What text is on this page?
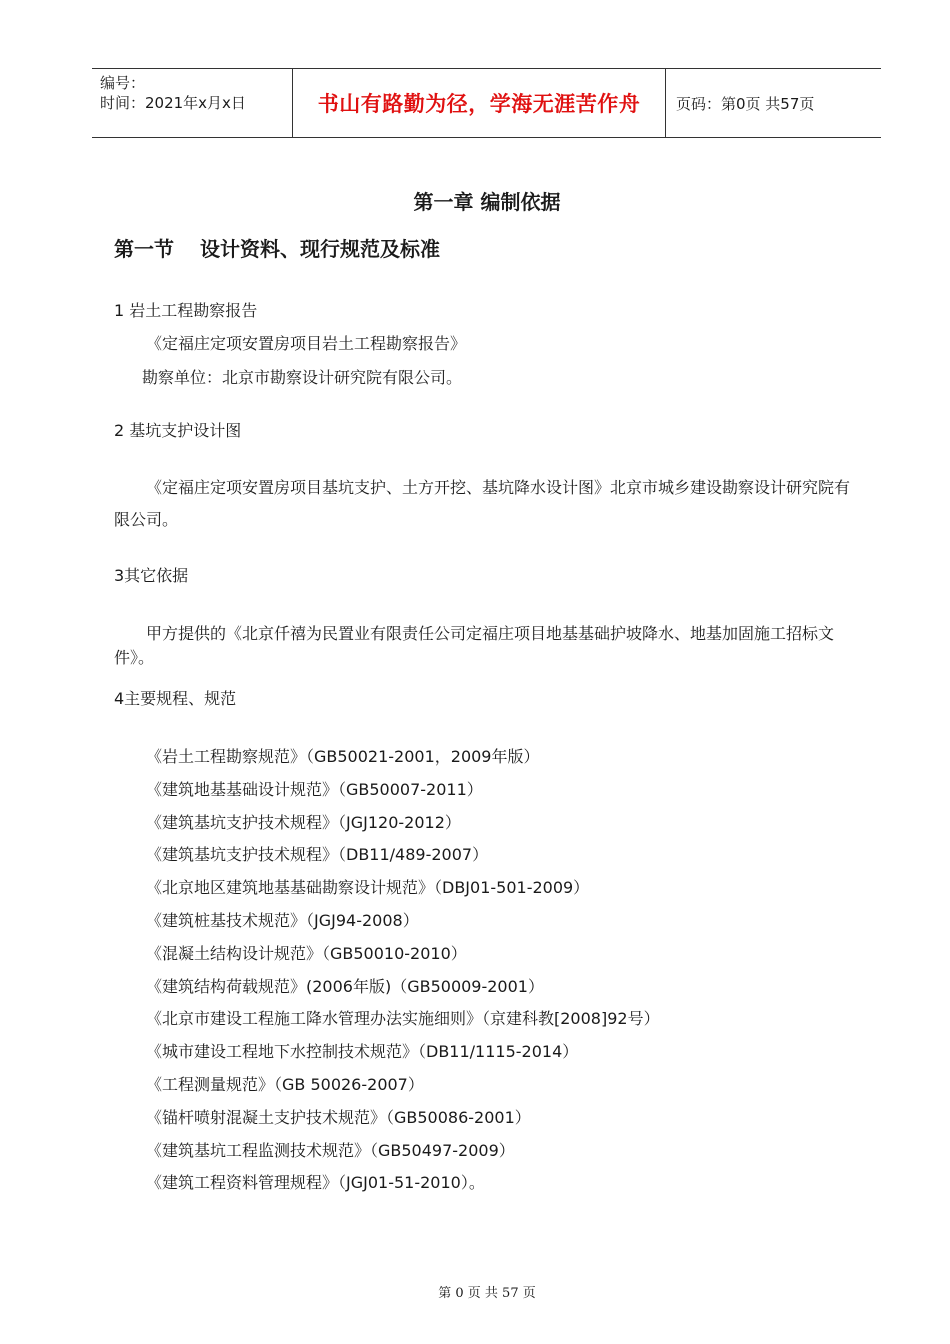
编号：
时间：2021年x月x日	书山有路勤为径，学海无涯苦作舟 页码：第0页 共57页
第一章 编制依据
第一节 设计资料、现行规范及标准
1 岩土工程勘察报告
《定福庄定项安置房项目岩土工程勘察报告》
勘察单位：北京市勘察设计研究院有限公司。
2 基坑支护设计图
《定福庄定项安置房项目基坑支护、土方开挖、基坑降水设计图》北京市城乡建设勘察设计研究院有限公司。
3其它依据
甲方提供的《北京仟禧为民置业有限责任公司定福庄项目地基基础护坡降水、地基加固施工招标文件》。
4主要规程、规范
《岩土工程勘察规范》（GB50021-2001，2009年版）
《建筑地基基础设计规范》（GB50007-2011）
《建筑基坑支护技术规程》（JGJ120-2012）
《建筑基坑支护技术规程》（DB11/489-2007）
《北京地区建筑地基基础勘察设计规范》（DBJ01-501-2009）
《建筑桩基技术规范》（JGJ94-2008）
《混凝土结构设计规范》（GB50010-2010）
《建筑结构荷载规范》(2006年版)（GB50009-2001）
《北京市建设工程施工降水管理办法实施细则》（京建科教[2008]92号）
《城市建设工程地下水控制技术规范》（DB11/1115-2014）
《工程测量规范》（GB 50026-2007）
《锚杆喷射混凝土支护技术规范》（GB50086-2001）
《建筑基坑工程监测技术规范》（GB50497-2009）
《建筑工程资料管理规程》（JGJ01-51-2010）。
第 0 页 共 57 页
